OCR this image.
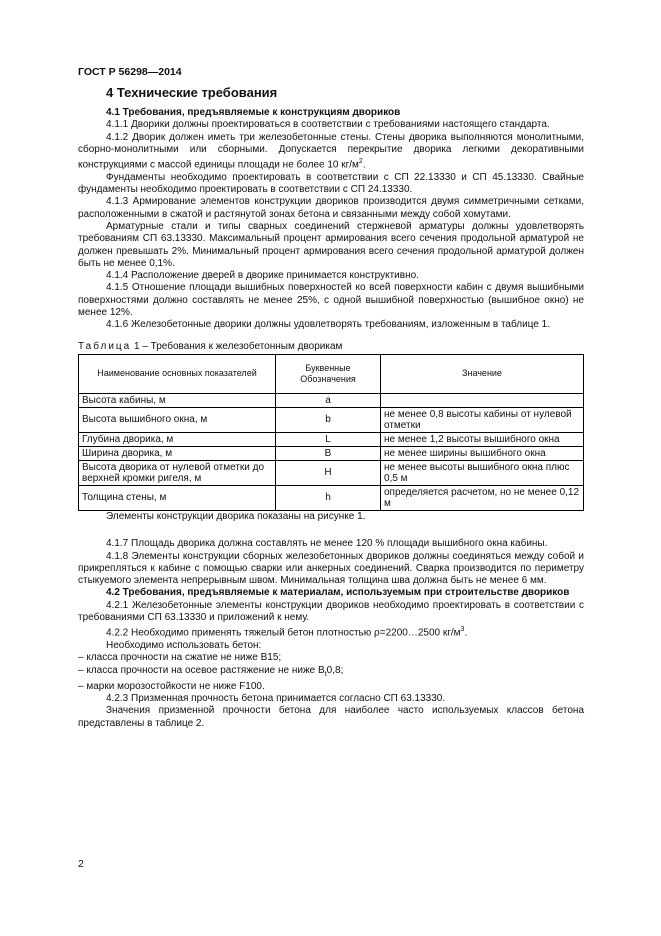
ГОСТ Р 56298—2014
4 Технические требования

4.1 Требования, предъявляемые к конструкциям двориков

4.1.1 Дворики должны проектироваться в соответствии с требованиями настоящего стандарта.

4.1.2 Дворик должен иметь три железобетонные стены. Стены дворика выполняются монолитными, сборно-монолитными или сборными. Допускается перекрытие дворика легкими декоративными конструкциями с массой единицы площади не более 10 $кг/м^2$.

Фундаменты необходимо проектировать в соответствии с СП 22.13330 и СП 45.13330. Свайные фундаменты необходимо проектировать в соответствии с СП 24.13330.

4.1.3 Армирование элементов конструкции двориков производится двумя симметричными сетками, расположенными в сжатой и растянутой зонах бетона и связанными между собой хомутами.

Арматурные стали и типы сварных соединений стержневой арматуры должны удовлетворять требованиям СП 63.13330. Максимальный процент армирования всего сечения продольной арматурой не должен превышать 2%. Минимальный процент армирования всего сечения продольной арматурой должен быть не менее 0,1%.

4.1.4 Расположение дверей в дворике принимается конструктивно.

4.1.5 Отношение площади вышибных поверхностей ко всей поверхности кабин с двумя вышибными поверхностями должно составлять не менее 25%, с одной вышибной поверхностью (вышибное окно) не менее 12%.

4.1.6 Железобетонные дворики должны удовлетворять требованиям, изложенным в таблице 1.

Таблица 1 – Требования к железобетонным дворикам
Наименование основных показателей	Буквенные Обозначения	Значение
Высота кабины, м	a	
Высота вышибного окна, м	b	не менее 0,8 высоты кабины от нулевой отметки
Глубина дворика, м	L	не менее 1,2 высоты вышибного окна
Ширина дворика, м	B	не менее ширины вышибного окна
Высота дворика от нулевой отметки до верхней кромки ригеля, м	H	не менее высоты вышибного окна плюс 0,5 м
Толщина стены, м	h	определяется расчетом, но не менее 0,12 м

Элементы конструкции дворика показаны на рисунке 1.

4.1.7 Площадь дворика должна составлять не менее 120 % площади вышибного окна кабины.

4.1.8 Элементы конструкции сборных железобетонных двориков должны соединяться между собой и прикрепляться к кабине с помощью сварки или анкерных соединений. Сварка производится по периметру стыкуемого элемента непрерывным швом. Минимальная толщина шва должна быть не менее 6 мм.

4.2 Требования, предъявляемые к материалам, используемым при строительстве двориков

4.2.1 Железобетонные элементы конструкции двориков необходимо проектировать в соответствии с требованиями СП 63.13330 и приложений к нему.

4.2.2 Необходимо применять тяжелый бетон плотностью ρ=2200…2500 $кг/м^3$.

Необходимо использовать бетон:

– класса прочности на сжатие не ниже B15;

– класса прочности на осевое растяжение не ниже $B_t0,8$;

– марки морозостойкости не ниже F100.

4.2.3 Призменная прочность бетона принимается согласно СП 63.13330.

Значения призменной прочности бетона для наиболее часто используемых классов бетона представлены в таблице 2.

2
